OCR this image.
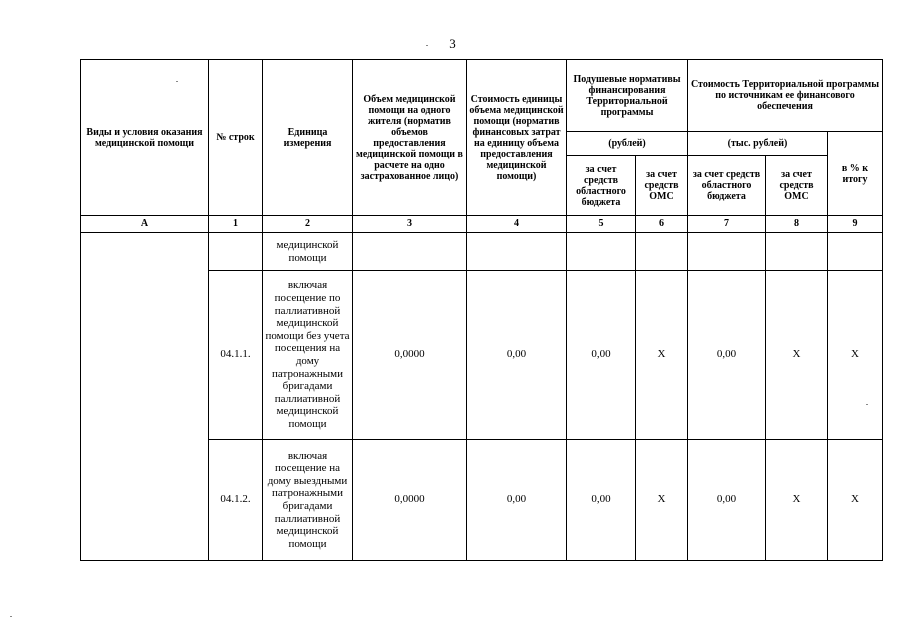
3
Виды и условия оказания медицинской помощи	№ строк	Единица измерения	Объем медицинской помощи на одного жителя (норматив объемов предоставления медицинской помощи в расчете на одно застрахованное лицо)	Стоимость единицы объема медицинской помощи (норматив финансовых затрат на единицу объема предоставления медицинской помощи)	Подушевые нормативы финансирования Территориальной программы		Стоимость Территориальной программы по источникам ее финансового обеспечения		
					(рублей)		(тыс. рублей)		в % к итогу
					за счет средств областного бюджета	за счет средств ОМС	за счет средств областного бюджета	за счет средств ОМС	
А	1	2	3	4	5	6	7	8	9
		медицинской помощи							
	04.1.1.	включая посещение по паллиативной медицинской помощи без учета посещения на дому патронажными бригадами паллиативной медицинской помощи	0,0000	0,00	0,00	X	0,00	X	X
	04.1.2.	включая посещение на дому выездными патронажными бригадами паллиативной медицинской помощи	0,0000	0,00	0,00	X	0,00	X	X
